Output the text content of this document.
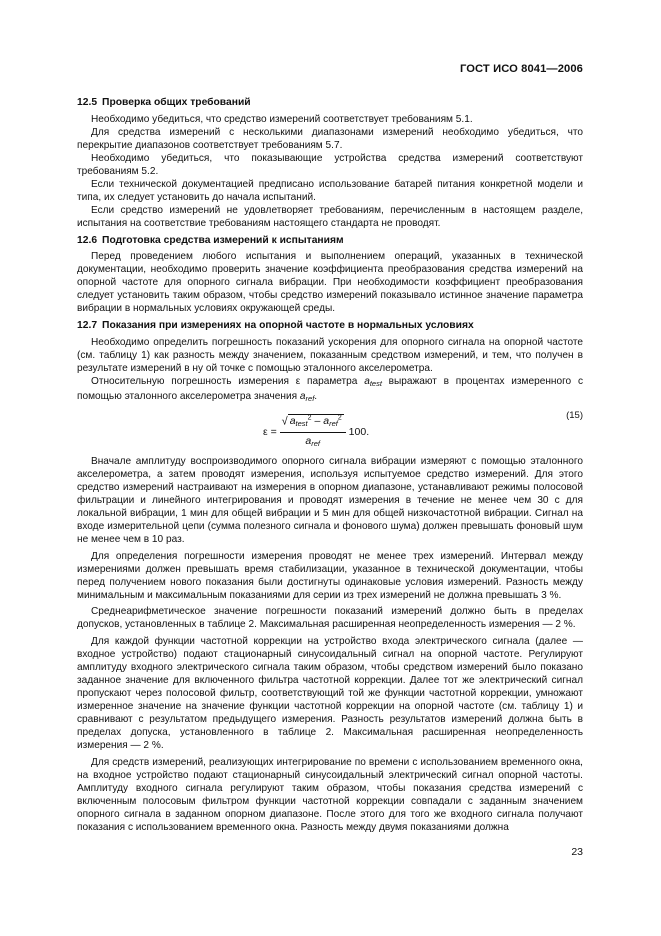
ГОСТ ИСО 8041—2006
12.5 Проверка общих требований

Необходимо убедиться, что средство измерений соответствует требованиям 5.1.

Для средства измерений с несколькими диапазонами измерений необходимо убедиться, что перекрытие диапазонов соответствует требованиям 5.7.

Необходимо убедиться, что показывающие устройства средства измерений соответствуют требованиям 5.2.

Если технической документацией предписано использование батарей питания конкретной модели и типа, их следует установить до начала испытаний.

Если средство измерений не удовлетворяет требованиям, перечисленным в настоящем разделе, испытания на соответствие требованиям настоящего стандарта не проводят.

12.6 Подготовка средства измерений к испытаниям

Перед проведением любого испытания и выполнением операций, указанных в технической документации, необходимо проверить значение коэффициента преобразования средства измерений на опорной частоте для опорного сигнала вибрации. При необходимости коэффициент преобразования следует установить таким образом, чтобы средство измерений показывало истинное значение параметра вибрации в нормальных условиях окружающей среды.

12.7 Показания при измерениях на опорной частоте в нормальных условиях

Необходимо определить погрешность показаний ускорения для опорного сигнала на опорной частоте (см. таблицу 1) как разность между значением, показанным средством измерений, и тем, что получен в результате измерений в ну ой точке с помощью эталонного акселерометра.

Относительную погрешность измерения ε параметра $a_{test}$ выражают в процентах измеренного с помощью эталонного акселерометра значения $a_{ref}$.

$\varepsilon = \frac{√ a_{test}^2 - a_{ref}^2}{a_{ref}} 100$.
(15)

Вначале амплитуду воспроизводимого опорного сигнала вибрации измеряют с помощью эталонного акселерометра, а затем проводят измерения, используя испытуемое средство измерений. Для этого средство измерений настраивают на измерения в опорном диапазоне, устанавливают режимы полосовой фильтрации и линейного интегрирования и проводят измерения в течение не менее чем 30 с для локальной вибрации, 1 мин для общей вибрации и 5 мин для общей низкочастотной вибрации. Сигнал на входе измерительной цепи (сумма полезного сигнала и фонового шума) должен превышать фоновый шум не менее чем в 10 раз.

Для определения погрешности измерения проводят не менее трех измерений. Интервал между измерениями должен превышать время стабилизации, указанное в технической документации, чтобы перед получением нового показания были достигнуты одинаковые условия измерений. Разность между минимальным и максимальным показаниями для серии из трех измерений не должна превышать 3 %.

Среднеарифметическое значение погрешности показаний измерений должно быть в пределах допусков, установленных в таблице 2. Максимальная расширенная неопределенность измерения — 2 %.

Для каждой функции частотной коррекции на устройство входа электрического сигнала (далее — входное устройство) подают стационарный синусоидальный сигнал на опорной частоте. Регулируют амплитуду входного электрического сигнала таким образом, чтобы средством измерений было показано заданное значение для включенного фильтра частотной коррекции. Далее тот же электрический сигнал пропускают через полосовой фильтр, соответствующий той же функции частотной коррекции, умножают измеренное значение на значение функции частотной коррекции на опорной частоте (см. таблицу 1) и сравнивают с результатом предыдущего измерения. Разность результатов измерений должна быть в пределах допуска, установленного в таблице 2. Максимальная расширенная неопределенность измерения — 2 %.

Для средств измерений, реализующих интегрирование по времени с использованием временного окна, на входное устройство подают стационарный синусоидальный электрический сигнал опорной частоты. Амплитуду входного сигнала регулируют таким образом, чтобы показания средства измерений с включенным полосовым фильтром функции частотной коррекции совпадали с заданным значением опорного сигнала в заданном опорном диапазоне. После этого для того же входного сигнала получают показания с использованием временного окна. Разность между двумя показаниями должна

23
